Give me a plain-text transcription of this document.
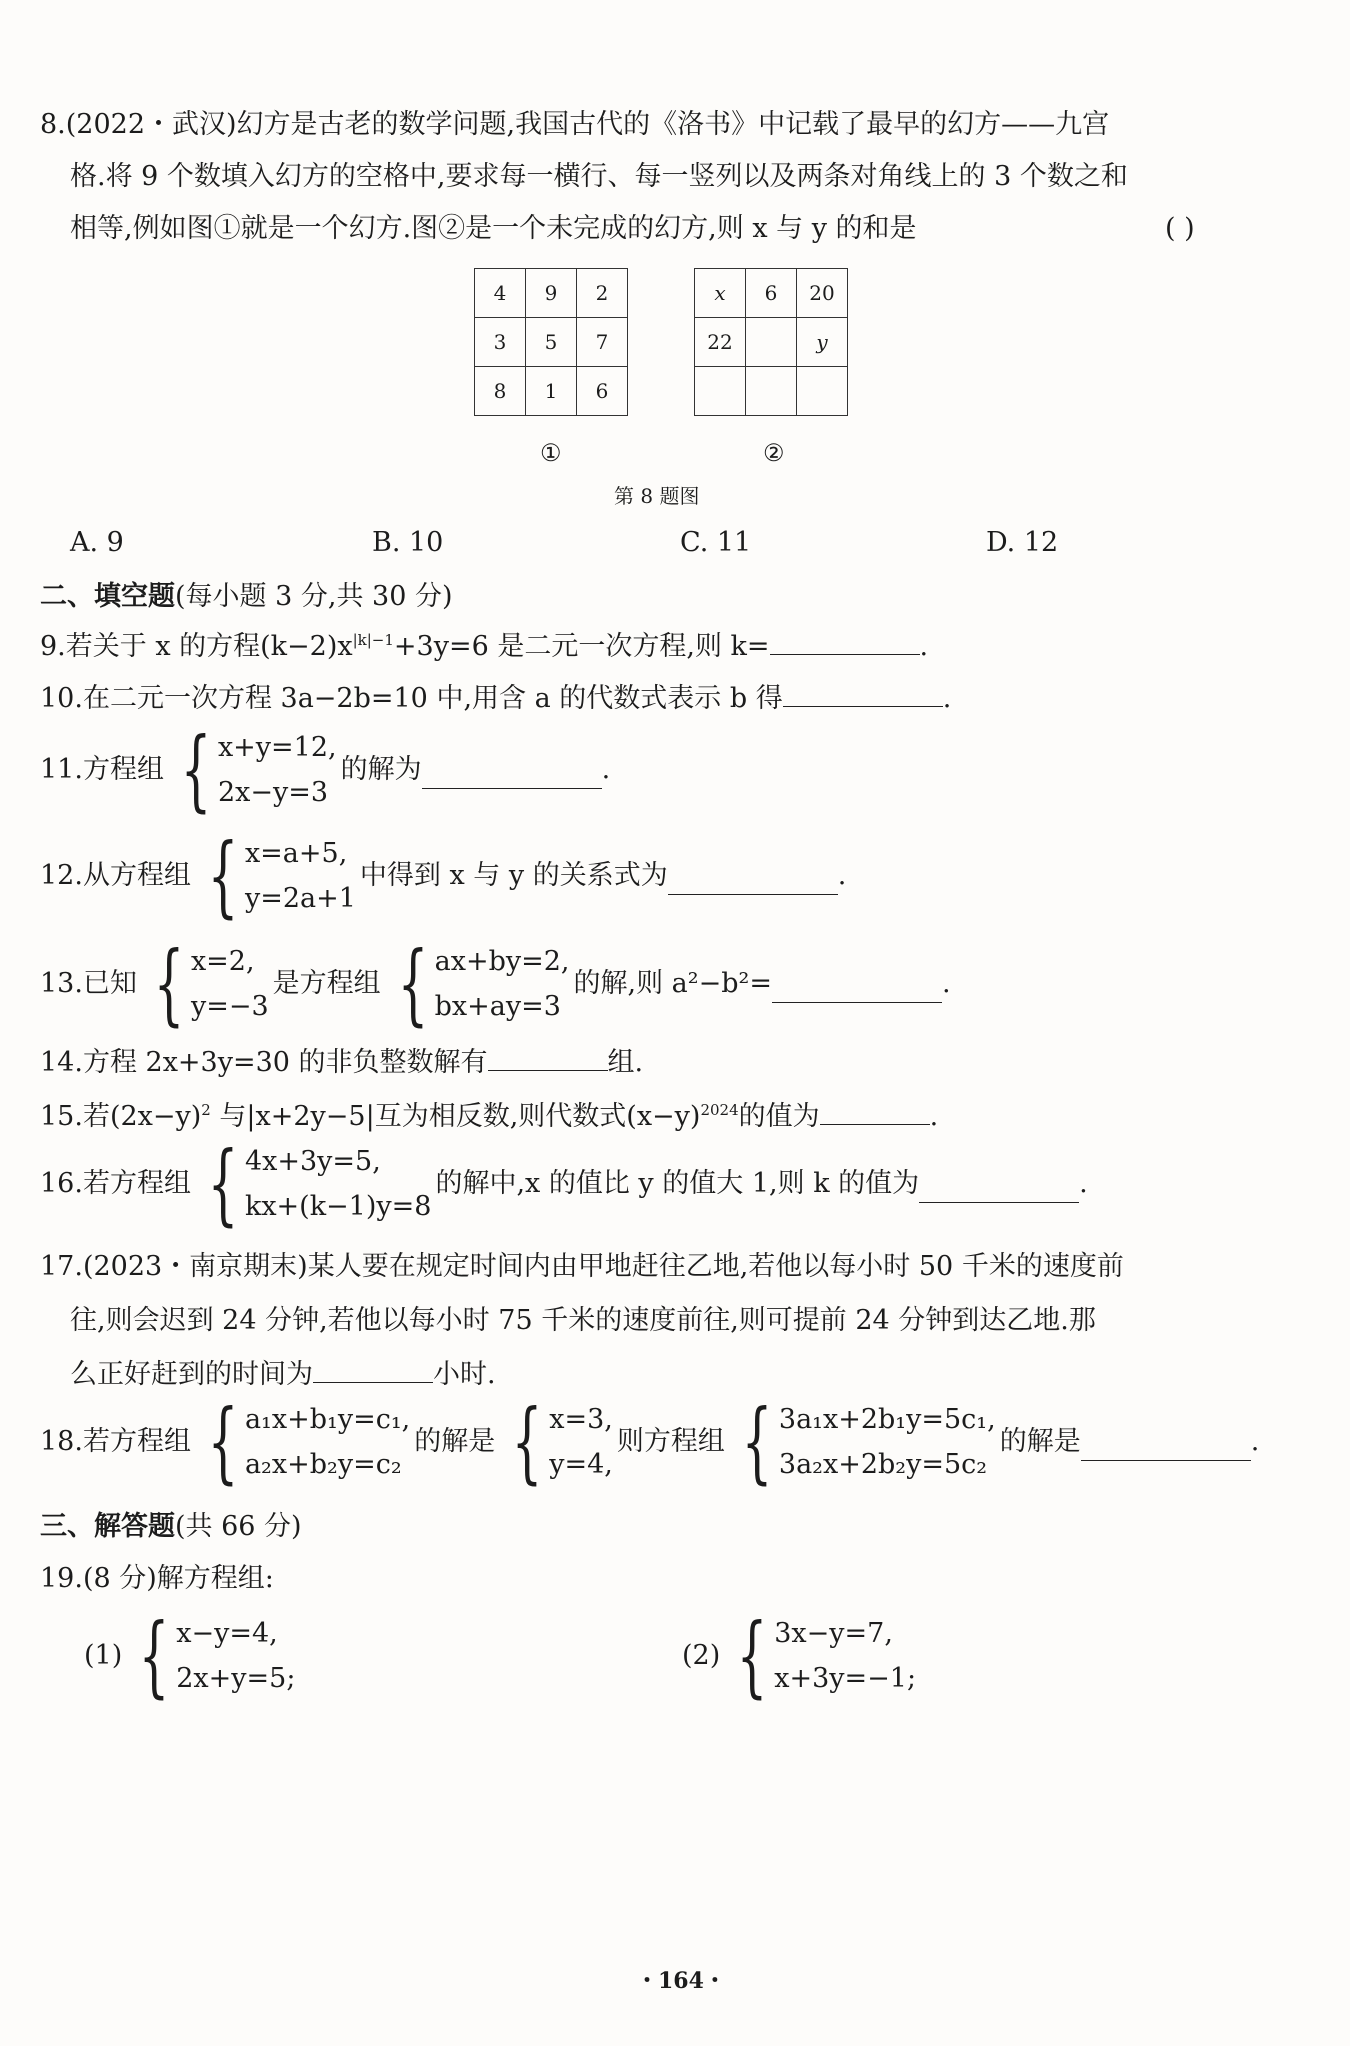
8.(2022・武汉)幻方是古老的数学问题,我国古代的《洛书》中记载了最早的幻方——九宫
格.将 9 个数填入幻方的空格中,要求每一横行、每一竖列以及两条对角线上的 3 个数之和
相等,例如图①就是一个幻方.图②是一个未完成的幻方,则 x 与 y 的和是	( )
4	9	2
3	5	7
8	1	6
x	6	20
22		y

①	②
第 8 题图
A. 9	B. 10	C. 11	D. 12
二、填空题(每小题 3 分,共 30 分)
9.若关于 x 的方程$(k-2)x^{|k|-1}+3y=6$ 是二元一次方程,则 k=	.
10.在二元一次方程 3a−2b=10 中,用含 a 的代数式表示 b 得	.
11.方程组 { x+y=12,
2x−y=3
的解为	.
12.从方程组 { x=a+5,
y=2a+1
中得到 x 与 y 的关系式为	.
13.已知 { x=2,
y=−3
是方程组 { ax+by=2,
bx+ay=3
的解,则 a²−b²=	.
14.方程 2x+3y=30 的非负整数解有	组.
15.若$(2x-y)^2$ 与|x+2y−5|互为相反数,则代数式$(x-y)^{2024}$的值为	.
16.若方程组 { 4x+3y=5,
kx+(k−1)y=8
的解中,x 的值比 y 的值大 1,则 k 的值为	.
17.(2023・南京期末)某人要在规定时间内由甲地赶往乙地,若他以每小时 50 千米的速度前
往,则会迟到 24 分钟,若他以每小时 75 千米的速度前往,则可提前 24 分钟到达乙地.那
么正好赶到的时间为	小时.
18.若方程组 { a₁x+b₁y=c₁,
a₂x+b₂y=c₂
的解是 { x=3,
y=4,
则方程组 { 3a₁x+2b₁y=5c₁,
3a₂x+2b₂y=5c₂
的解是	.
三、解答题(共 66 分)
19.(8 分)解方程组:
(1) { x−y=4,
2x+y=5;
(2) { 3x−y=7,
x+3y=−1;
・164・
